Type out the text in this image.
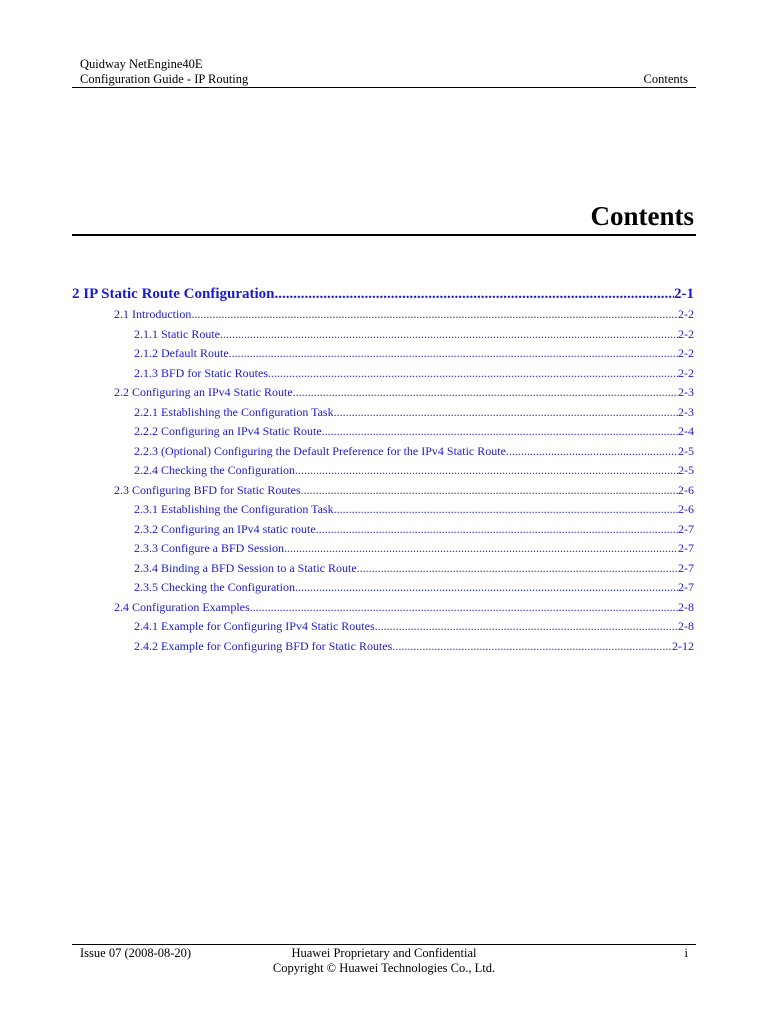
Quidway NetEngine40E
Configuration Guide - IP Routing	Contents
Contents
2 IP Static Route Configuration .....	2-1
2.1 Introduction .....	2-2
2.1.1 Static Route .....	2-2
2.1.2 Default Route .....	2-2
2.1.3 BFD for Static Routes .....	2-2
2.2 Configuring an IPv4 Static Route .....	2-3
2.2.1 Establishing the Configuration Task .....	2-3
2.2.2 Configuring an IPv4 Static Route .....	2-4
2.2.3 (Optional) Configuring the Default Preference for the IPv4 Static Route .....	2-5
2.2.4 Checking the Configuration .....	2-5
2.3 Configuring BFD for Static Routes .....	2-6
2.3.1 Establishing the Configuration Task .....	2-6
2.3.2 Configuring an IPv4 static route .....	2-7
2.3.3 Configure a BFD Session .....	2-7
2.3.4 Binding a BFD Session to a Static Route .....	2-7
2.3.5 Checking the Configuration .....	2-7
2.4 Configuration Examples .....	2-8
2.4.1 Example for Configuring IPv4 Static Routes .....	2-8
2.4.2 Example for Configuring BFD for Static Routes .....	2-12
Issue 07 (2008-08-20)	Huawei Proprietary and Confidential
Copyright © Huawei Technologies Co., Ltd.
i
